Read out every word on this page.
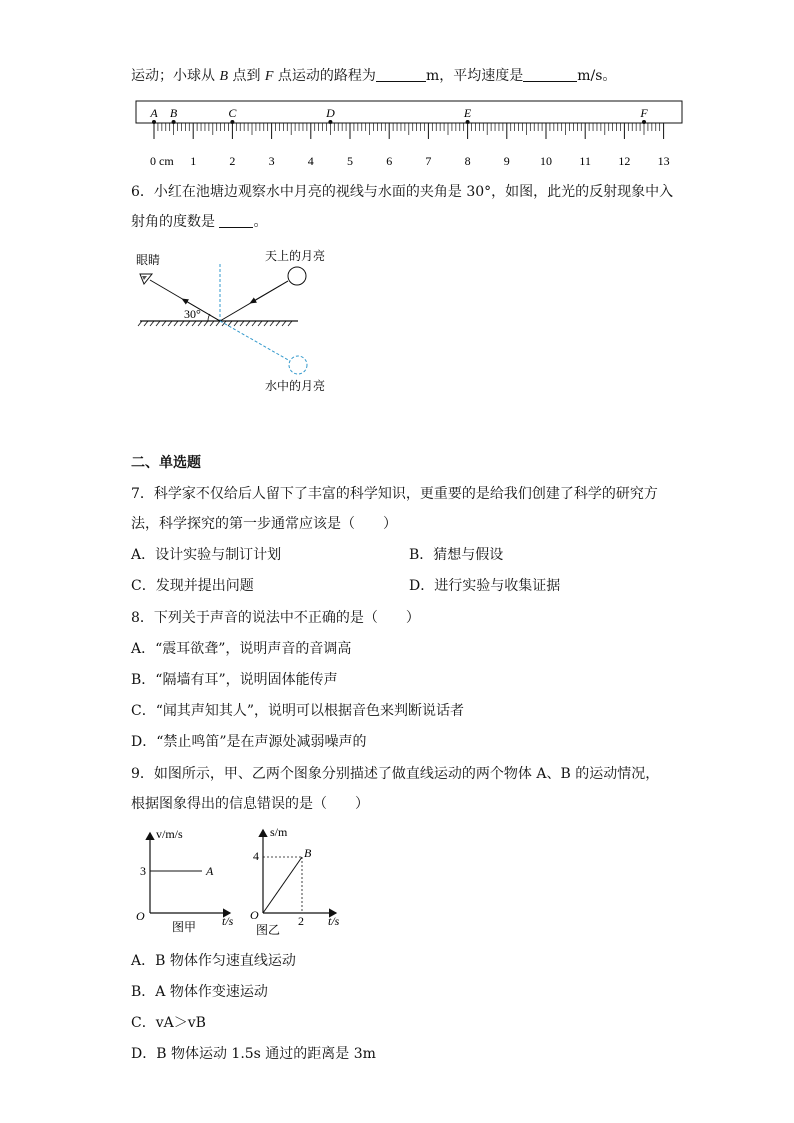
运动；小球从 B 点到 F 点运动的路程为	m，平均速度是	m/s。
A B	C	D	E	F
0 cm 1	2	3	4	5	6	7	8	9	10 11 12 13
6．小红在池塘边观察水中月亮的视线与水面的夹角是 30°，如图，此光的反射现象中入
射角的度数是	。
眼睛	天上的月亮
30°
水中的月亮
二、单选题
7．科学家不仅给后人留下了丰富的科学知识，更重要的是给我们创建了科学的研究方
法，科学探究的第一步通常应该是（　　）
A．设计实验与制订计划	B．猜想与假设
C．发现并提出问题	D．进行实验与收集证据
8．下列关于声音的说法中不正确的是（　　）
A．“震耳欲聋”，说明声音的音调高
B．“隔墙有耳”，说明固体能传声
C．“闻其声知其人”，说明可以根据音色来判断说话者
D．“禁止鸣笛”是在声源处减弱噪声的
9．如图所示，甲、乙两个图象分别描述了做直线运动的两个物体 A、B 的运动情况，
根据图象得出的信息错误的是（　　）
v/m/s
t/s
O
3	A
图甲
s/m
t/s
O
4
2
B
图乙
A．B 物体作匀速直线运动
B．A 物体作变速运动
C．vA＞vB
D．B 物体运动 1.5s 通过的距离是 3m
